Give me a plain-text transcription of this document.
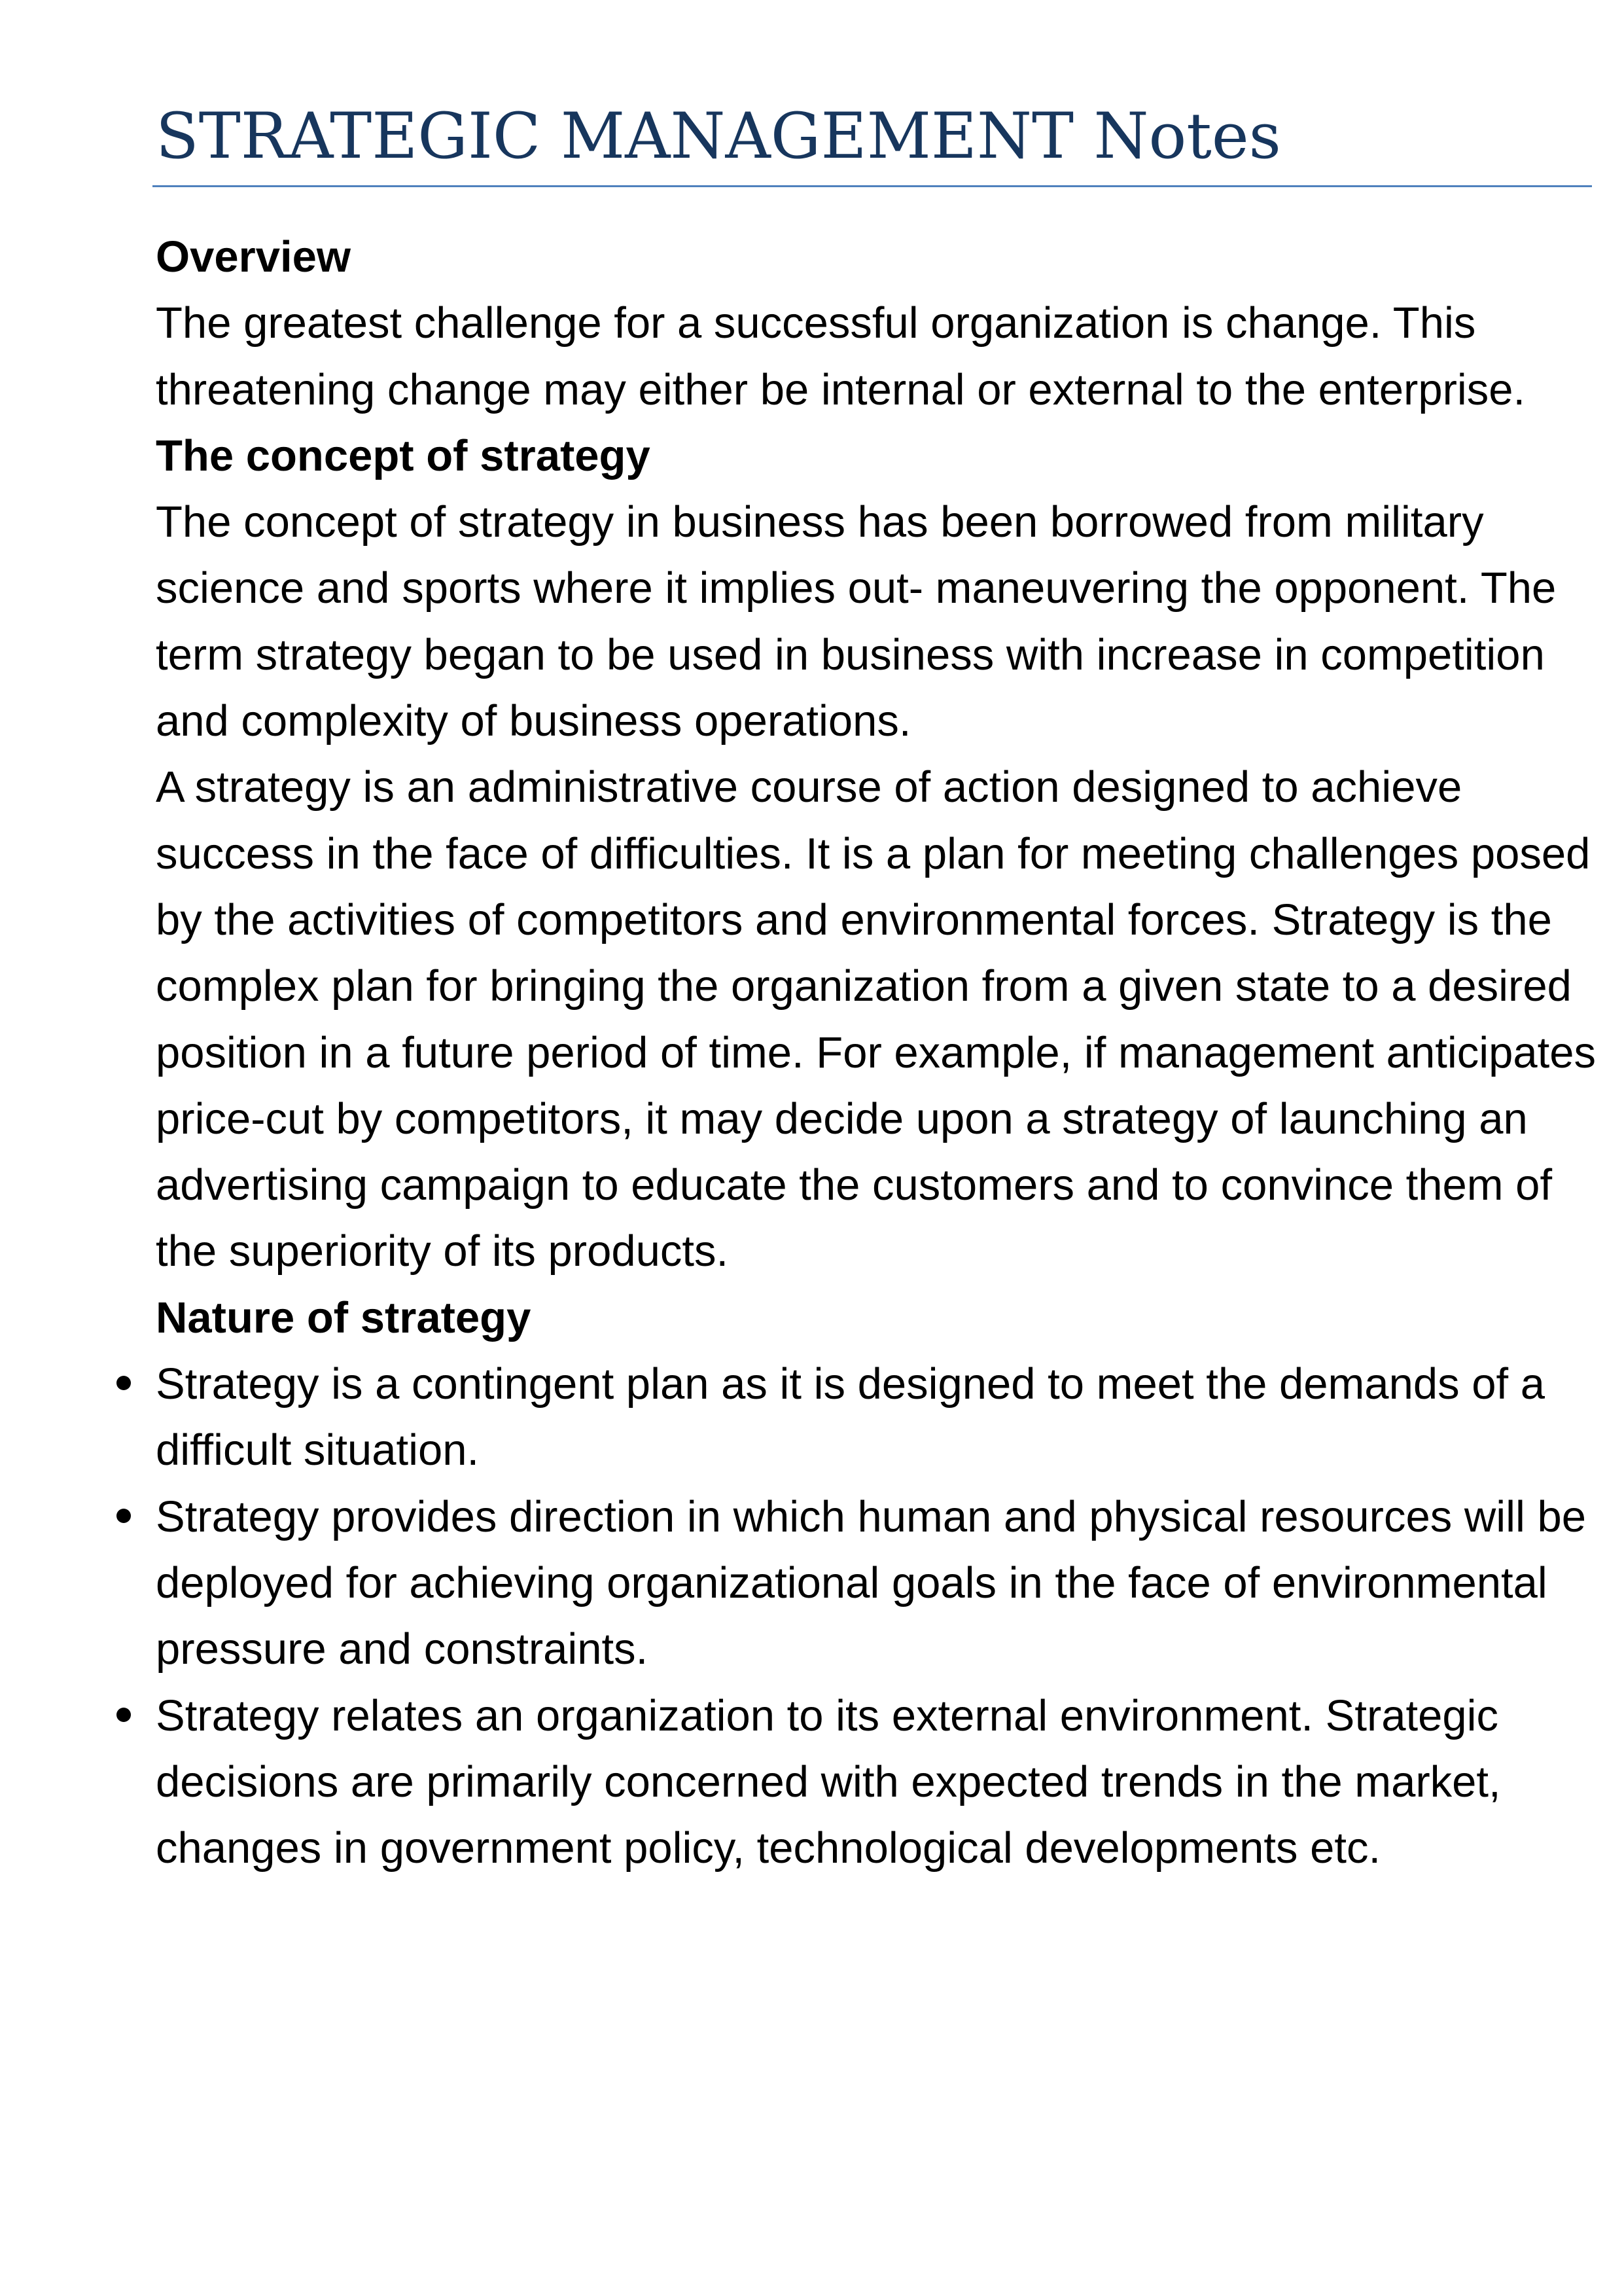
STRATEGIC MANAGEMENT Notes

Overview

The greatest challenge for a successful organization is change. This threatening change may either be internal or external to the enterprise.

The concept of strategy

The concept of strategy in business has been borrowed from military science and sports where it implies out- maneuvering the opponent. The term strategy began to be used in business with increase in competition and complexity of business operations.

A strategy is an administrative course of action designed to achieve success in the face of difficulties. It is a plan for meeting challenges posed by the activities of competitors and environmental forces. Strategy is the complex plan for bringing the organization from a given state to a desired position in a future period of time. For example, if management anticipates price-cut by competitors, it may decide upon a strategy of launching an advertising campaign to educate the customers and to convince them of the superiority of its products.

Nature of strategy

Strategy is a contingent plan as it is designed to meet the demands of a difficult situation.
Strategy provides direction in which human and physical resources will be deployed for achieving organizational goals in the face of environmental pressure and constraints.
Strategy relates an organization to its external environment. Strategic decisions are primarily concerned with expected trends in the market, changes in government policy, technological developments etc.
